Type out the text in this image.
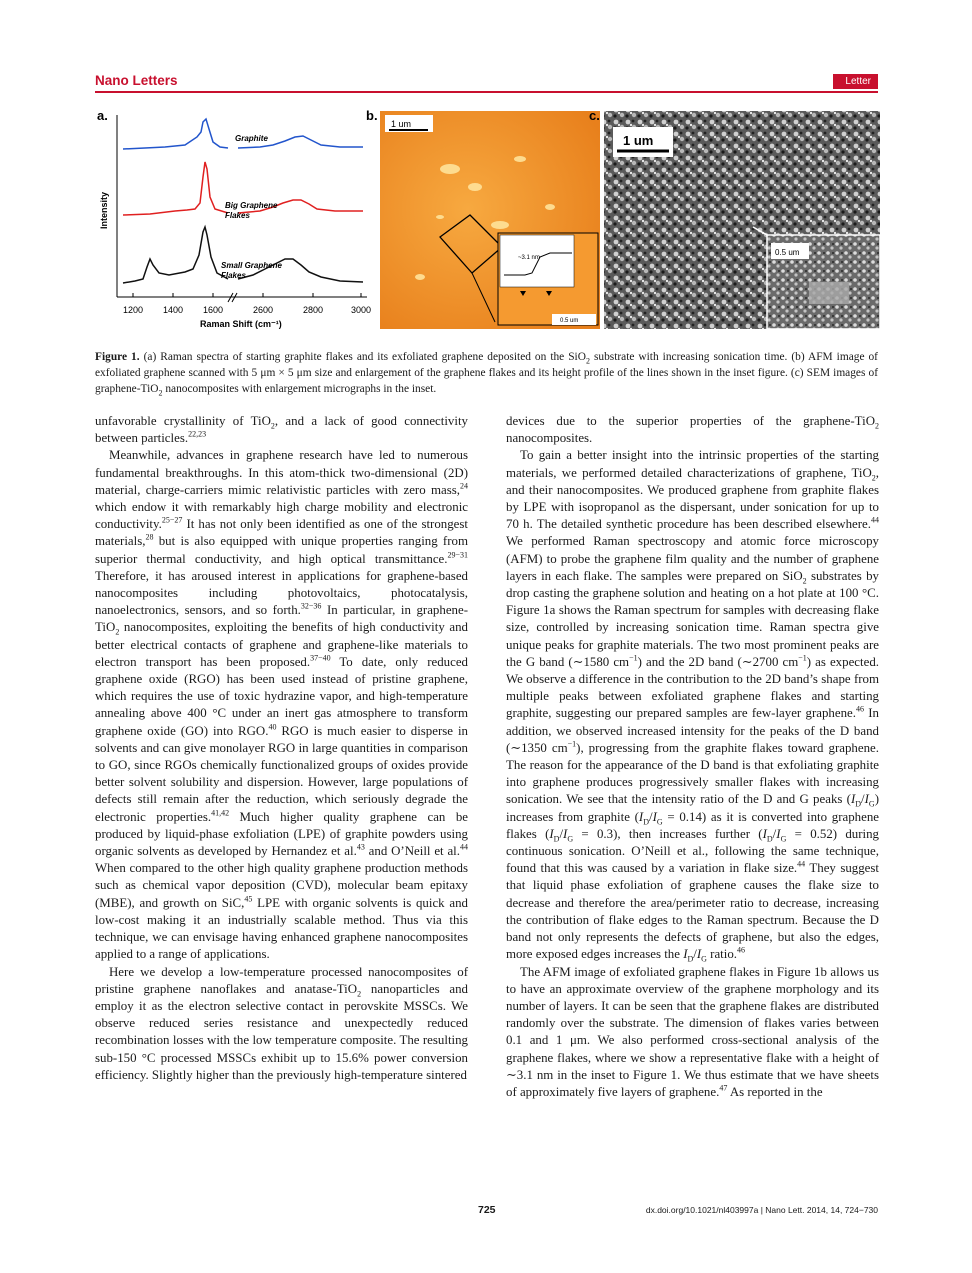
Nano Letters	Letter
a.
Intensity
1200 1400 1600	2600	2800	3000
Raman Shift (cm⁻¹)
Graphite
Big Graphene
Flakes
Small Graphene
Flakes
b.
1 um
~3.1 nm
0.5 um
c.
1 um
0.5 um
Figure 1. (a) Raman spectra of starting graphite flakes and its exfoliated graphene deposited on the SiO$_2$ substrate with increasing sonication time. (b) AFM image of exfoliated graphene scanned with 5 μm × 5 μm size and enlargement of the graphene flakes and its height profile of the lines shown in the inset figure. (c) SEM images of graphene-TiO$_2$ nanocomposites with enlargement micrographs in the inset.

unfavorable crystallinity of TiO$_2$, and a lack of good connectivity between particles.$^{22,23}$

Meanwhile, advances in graphene research have led to numerous fundamental breakthroughs. In this atom-thick two-dimensional (2D) material, charge-carriers mimic relativistic particles with zero mass,$^{24}$ which endow it with remarkably high charge mobility and electronic conductivity.$^{25-27}$ It has not only been identified as one of the strongest materials,$^{28}$ but is also equipped with unique properties ranging from superior thermal conductivity, and high optical transmittance.$^{29-31}$ Therefore, it has aroused interest in applications for graphene-based nanocomposites including photovoltaics, photocatalysis, nanoelectronics, sensors, and so forth.$^{32-36}$ In particular, in graphene-TiO$_2$ nanocomposites, exploiting the benefits of high conductivity and better electrical contacts of graphene and graphene-like materials to electron transport has been proposed.$^{37-40}$ To date, only reduced graphene oxide (RGO) has been used instead of pristine graphene, which requires the use of toxic hydrazine vapor, and high-temperature annealing above 400 °C under an inert gas atmosphere to transform graphene oxide (GO) into RGO.$^{40}$ RGO is much easier to disperse in solvents and can give monolayer RGO in large quantities in comparison to GO, since RGOs chemically functionalized groups of oxides provide better solvent solubility and dispersion. However, large populations of defects still remain after the reduction, which seriously degrade the electronic properties.$^{41,42}$ Much higher quality graphene can be produced by liquid-phase exfoliation (LPE) of graphite powders using organic solvents as developed by Hernandez et al.$^{43}$ and O’Neill et al.$^{44}$ When compared to the other high quality graphene production methods such as chemical vapor deposition (CVD), molecular beam epitaxy (MBE), and growth on SiC,$^{45}$ LPE with organic solvents is quick and low-cost making it an industrially scalable method. Thus via this technique, we can envisage having enhanced graphene nanocomposites applied to a range of applications.

Here we develop a low-temperature processed nanocomposites of pristine graphene nanoflakes and anatase-TiO$_2$ nanoparticles and employ it as the electron selective contact in perovskite MSSCs. We observe reduced series resistance and unexpectedly reduced recombination losses with the low temperature composite. The resulting sub-150 °C processed MSSCs exhibit up to 15.6% power conversion efficiency. Slightly higher than the previously high-temperature sintered

devices due to the superior properties of the graphene-TiO$_2$ nanocomposites.

To gain a better insight into the intrinsic properties of the starting materials, we performed detailed characterizations of graphene, TiO$_2$, and their nanocomposites. We produced graphene from graphite flakes by LPE with isopropanol as the dispersant, under sonication for up to 70 h. The detailed synthetic procedure has been described elsewhere.$^{44}$ We performed Raman spectroscopy and atomic force microscopy (AFM) to probe the graphene film quality and the number of graphene layers in each flake. The samples were prepared on SiO$_2$ substrates by drop casting the graphene solution and heating on a hot plate at 100 °C. Figure 1a shows the Raman spectrum for samples with decreasing flake size, controlled by increasing sonication time. Raman spectra give unique peaks for graphite materials. The two most prominent peaks are the G band (∼1580 $cm^{-1}$) and the 2D band (∼2700 $cm^{-1}$) as expected. We observe a difference in the contribution to the 2D band’s shape from multiple peaks between exfoliated graphene flakes and starting graphite, suggesting our prepared samples are few-layer graphene.$^{46}$ In addition, we observed increased intensity for the peaks of the D band (∼1350 $cm^{-1}$), progressing from the graphite flakes toward graphene. The reason for the appearance of the D band is that exfoliating graphite into graphene produces progressively smaller flakes with increasing sonication. We see that the intensity ratio of the D and G peaks $(I_D/I_G)$ increases from graphite $(I_D/I_G = 0.14)$ as it is converted into graphene flakes $(I_D/I_G = 0.3)$, then increases further $(I_D/I_G = 0.52)$ during continuous sonication. O’Neill et al., following the same technique, found that this was caused by a variation in flake size.$^{44}$ They suggest that liquid phase exfoliation of graphene causes the flake size to decrease and therefore the area/perimeter ratio to decrease, increasing the contribution of flake edges to the Raman spectrum. Because the D band not only represents the defects of graphene, but also the edges, more exposed edges increases the $I_D/I_G$ ratio.$^{46}$

The AFM image of exfoliated graphene flakes in Figure 1b allows us to have an approximate overview of the graphene morphology and its number of layers. It can be seen that the graphene flakes are distributed randomly over the substrate. The dimension of flakes varies between 0.1 and 1 μm. We also performed cross-sectional analysis of the graphene flakes, where we show a representative flake with a height of ∼3.1 nm in the inset to Figure 1. We thus estimate that we have sheets of approximately five layers of graphene.$^{47}$ As reported in the

725	dx.doi.org/10.1021/nl403997a | Nano Lett. 2014, 14, 724−730
